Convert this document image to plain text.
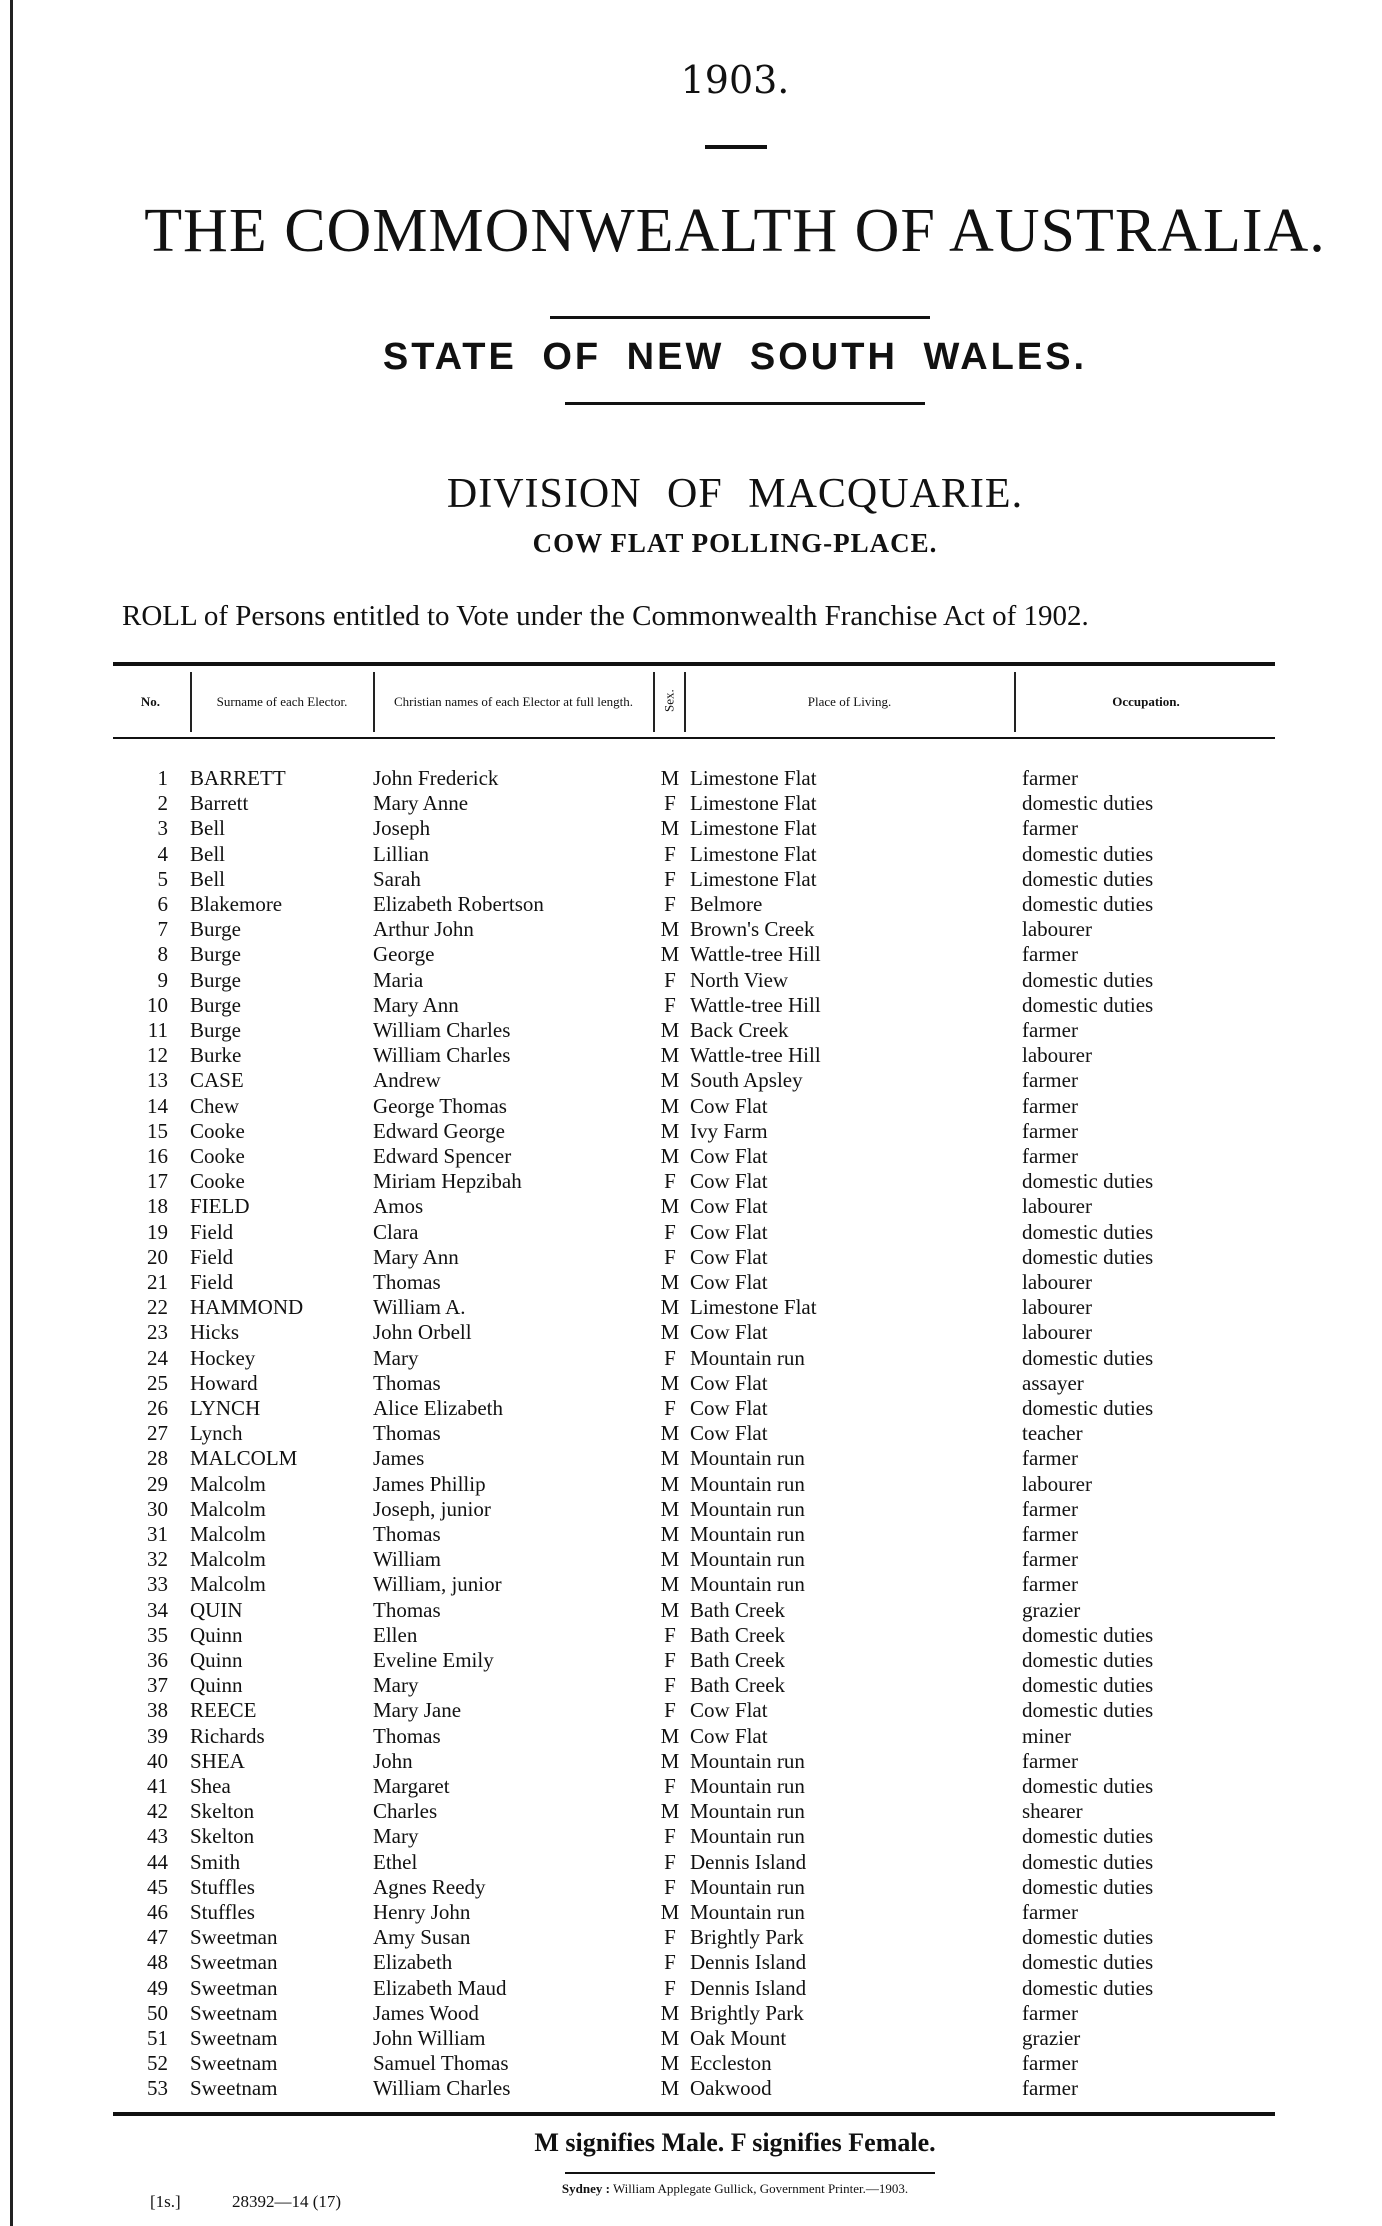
1903.
THE COMMONWEALTH OF AUSTRALIA.
STATE OF NEW SOUTH WALES.
DIVISION OF MACQUARIE.
COW FLAT POLLING-PLACE.
ROLL of Persons entitled to Vote under the Commonwealth Franchise Act of 1902.
No.	Surname of each Elector.	Christian names of each Elector at full length.	Sex.	Place of Living.	Occupation.
1 BARRETT	John Frederick	M Limestone Flat	farmer
2 Barrett	Mary Anne	F Limestone Flat	domestic duties
3 Bell	Joseph	M Limestone Flat	farmer
4 Bell	Lillian	F Limestone Flat	domestic duties
5 Bell	Sarah	F Limestone Flat	domestic duties
6 Blakemore	Elizabeth Robertson	F Belmore	domestic duties
7 Burge	Arthur John	M Brown's Creek	labourer
8 Burge	George	M Wattle-tree Hill	farmer
9 Burge	Maria	F North View	domestic duties
10 Burge	Mary Ann	F Wattle-tree Hill	domestic duties
11 Burge	William Charles	M Back Creek	farmer
12 Burke	William Charles	M Wattle-tree Hill	labourer
13 CASE	Andrew	M South Apsley	farmer
14 Chew	George Thomas	M Cow Flat	farmer
15 Cooke	Edward George	M Ivy Farm	farmer
16 Cooke	Edward Spencer	M Cow Flat	farmer
17 Cooke	Miriam Hepzibah	F Cow Flat	domestic duties
18 FIELD	Amos	M Cow Flat	labourer
19 Field	Clara	F Cow Flat	domestic duties
20 Field	Mary Ann	F Cow Flat	domestic duties
21 Field	Thomas	M Cow Flat	labourer
22 HAMMOND	William A.	M Limestone Flat	labourer
23 Hicks	John Orbell	M Cow Flat	labourer
24 Hockey	Mary	F Mountain run	domestic duties
25 Howard	Thomas	M Cow Flat	assayer
26 LYNCH	Alice Elizabeth	F Cow Flat	domestic duties
27 Lynch	Thomas	M Cow Flat	teacher
28 MALCOLM	James	M Mountain run	farmer
29 Malcolm	James Phillip	M Mountain run	labourer
30 Malcolm	Joseph, junior	M Mountain run	farmer
31 Malcolm	Thomas	M Mountain run	farmer
32 Malcolm	William	M Mountain run	farmer
33 Malcolm	William, junior	M Mountain run	farmer
34 QUIN	Thomas	M Bath Creek	grazier
35 Quinn	Ellen	F Bath Creek	domestic duties
36 Quinn	Eveline Emily	F Bath Creek	domestic duties
37 Quinn	Mary	F Bath Creek	domestic duties
38 REECE	Mary Jane	F Cow Flat	domestic duties
39 Richards	Thomas	M Cow Flat	miner
40 SHEA	John	M Mountain run	farmer
41 Shea	Margaret	F Mountain run	domestic duties
42 Skelton	Charles	M Mountain run	shearer
43 Skelton	Mary	F Mountain run	domestic duties
44 Smith	Ethel	F Dennis Island	domestic duties
45 Stuffles	Agnes Reedy	F Mountain run	domestic duties
46 Stuffles	Henry John	M Mountain run	farmer
47 Sweetman	Amy Susan	F Brightly Park	domestic duties
48 Sweetman	Elizabeth	F Dennis Island	domestic duties
49 Sweetman	Elizabeth Maud	F Dennis Island	domestic duties
50 Sweetnam	James Wood	M Brightly Park	farmer
51 Sweetnam	John William	M Oak Mount	grazier
52 Sweetnam	Samuel Thomas	M Eccleston	farmer
53 Sweetnam	William Charles	M Oakwood	farmer
M signifies Male. F signifies Female.
Sydney : William Applegate Gullick, Government Printer.—1903.
[1s.]	28392—14 (17)
